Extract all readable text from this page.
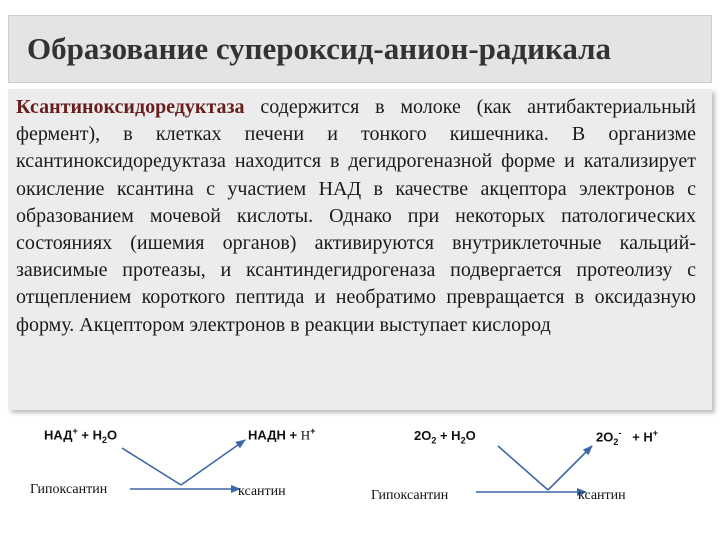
Образование супероксид-анион-радикала
Ксантиноксидоредуктаза содержится в молоке (как антибактериальный фермент), в клетках печени и тонкого кишечника. В организме ксантиноксидоредуктаза находится в дегидрогеназной форме и катализирует окисление ксантина с участием НАД в качестве акцептора электронов с образованием мочевой кислоты. Однако при некоторых патологических состояниях (ишемия органов) активируются внутриклеточные кальций-зависимые протеазы, и ксантиндегидрогеназа подвергается протеолизу с отщеплением короткого пептида и необратимо превращается в оксидазную форму. Акцептором электронов в реакции выступает кислород
$НАД^+ + H_2O$	НАДН + H+
Гипоксантин	ксантин
$2O_2 + H_2O$	$2O_2^- + H^+$
Гипоксантин	ксантин
